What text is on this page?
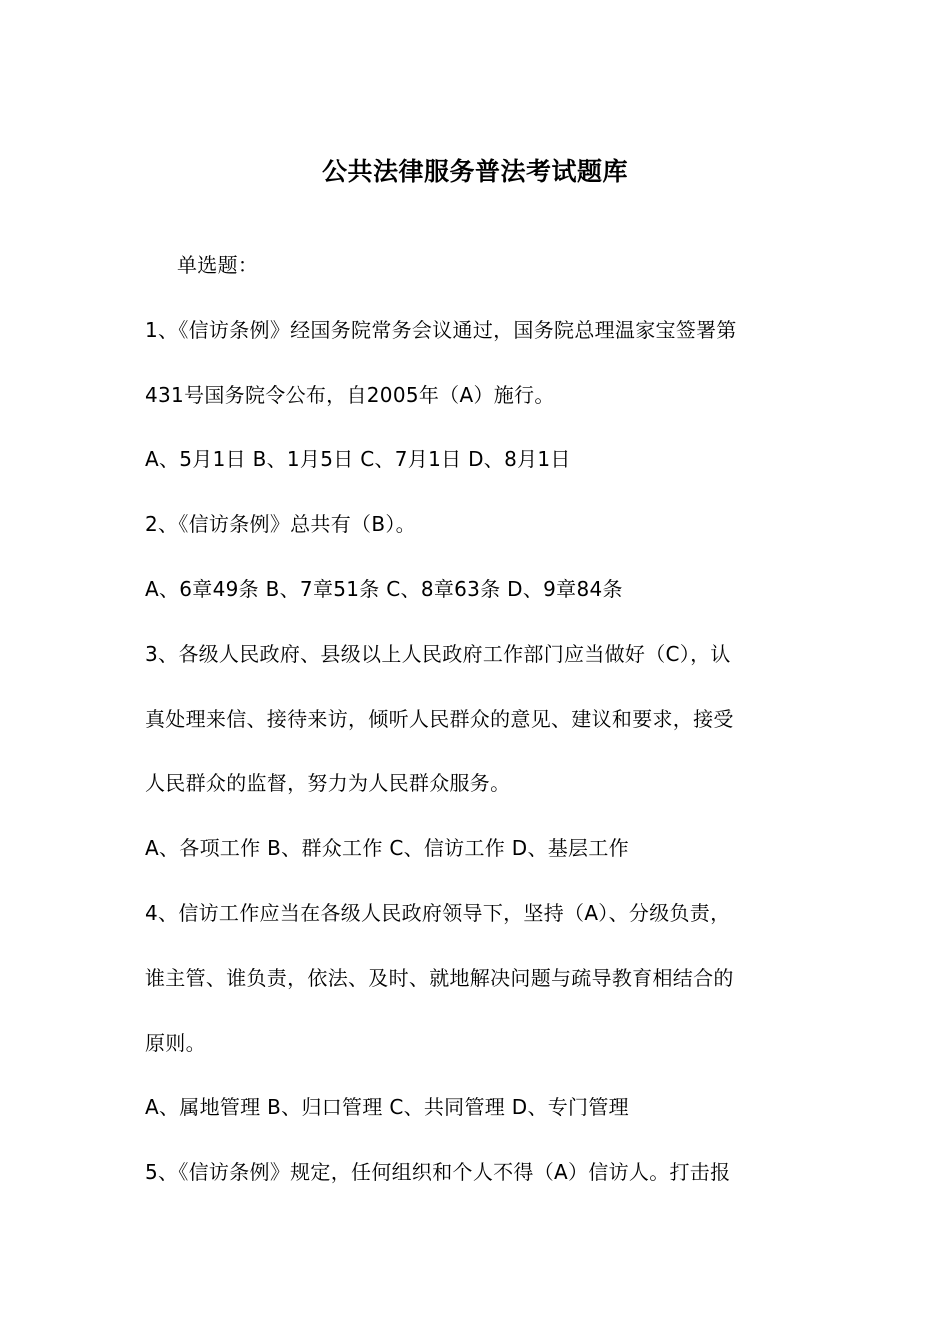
公共法律服务普法考试题库
单选题：
1、《信访条例》经国务院常务会议通过，国务院总理温家宝签署第
431号国务院令公布，自2005年（A）施行。
A、5月1日 B、1月5日 C、7月1日 D、8月1日
2、《信访条例》总共有（B）。
A、6章49条 B、7章51条 C、8章63条 D、9章84条
3、各级人民政府、县级以上人民政府工作部门应当做好（C），认
真处理来信、接待来访，倾听人民群众的意见、建议和要求，接受
人民群众的监督，努力为人民群众服务。
A、各项工作 B、群众工作 C、信访工作 D、基层工作
4、信访工作应当在各级人民政府领导下，坚持（A）、分级负责，
谁主管、谁负责，依法、及时、就地解决问题与疏导教育相结合的
原则。
A、属地管理 B、归口管理 C、共同管理 D、专门管理
5、《信访条例》规定，任何组织和个人不得（A）信访人。打击报
